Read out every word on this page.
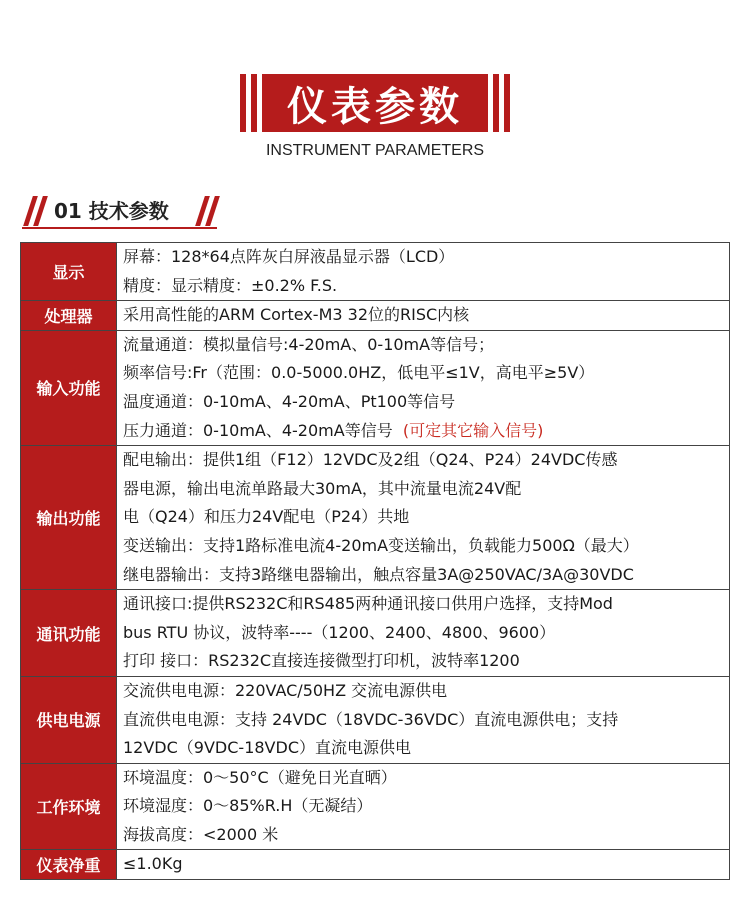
仪表参数
INSTRUMENT PARAMETERS
01 技术参数
显示	屏幕：128*64点阵灰白屏液晶显示器（LCD）
精度：显示精度：±0.2% F.S.

处理器	采用高性能的ARM Cortex-M3 32位的RISC内核

输入功能	流量通道：模拟量信号:4-20mA、0-10mA等信号；
频率信号:Fr（范围：0.0-5000.0HZ，低电平≤1V，高电平≥5V）
温度通道：0-10mA、4-20mA、Pt100等信号
压力通道：0-10mA、4-20mA等信号 (可定其它输入信号)

输出功能	配电输出：提供1组（F12）12VDC及2组（Q24、P24）24VDC传感
器电源，输出电流单路最大30mA，其中流量电流24V配
电（Q24）和压力24V配电（P24）共地
变送输出：支持1路标准电流4-20mA变送输出，负载能力500Ω（最大）
继电器输出：支持3路继电器输出，触点容量3A@250VAC/3A@30VDC

通讯功能	通讯接口:提供RS232C和RS485两种通讯接口供用户选择，支持Mod
bus RTU 协议，波特率----（1200、2400、4800、9600）
打印 接口：RS232C直接连接微型打印机，波特率1200

供电电源	交流供电电源：220VAC/50HZ 交流电源供电
直流供电电源：支持 24VDC（18VDC-36VDC）直流电源供电；支持
12VDC（9VDC-18VDC）直流电源供电

工作环境	环境温度：0～50°C（避免日光直晒）
环境湿度：0～85%R.H（无凝结）
海拔高度：<2000 米

仪表净重	≤1.0Kg
